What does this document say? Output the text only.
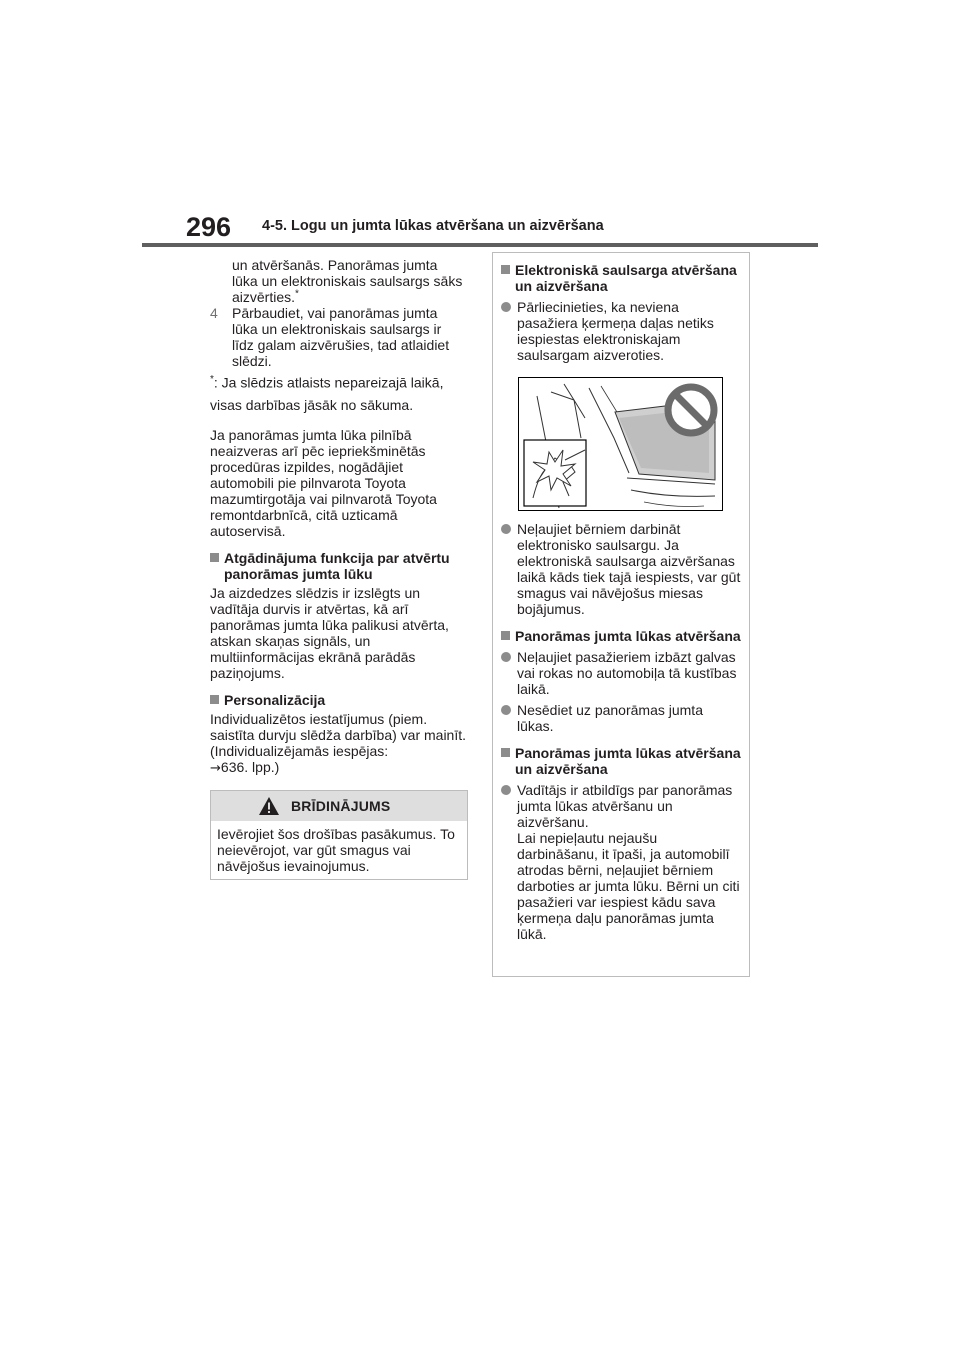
296 4-5. Logu un jumta lūkas atvēršana un aizvēršana

un atvēršanās. Panorāmas jumta lūka un elektroniskais saulsargs sāks aizvērties.*

4 Pārbaudiet, vai panorāmas jumta lūka un elektroniskais saulsargs ir līdz galam aizvērušies, tad atlaidiet slēdzi.

*: Ja slēdzis atlaists nepareizajā laikā, visas darbības jāsāk no sākuma.

Ja panorāmas jumta lūka pilnībā neaizveras arī pēc iepriekšminētās procedūras izpildes, nogādājiet automobili pie pilnvarota Toyota mazumtirgotāja vai pilnvarotā Toyota remontdarbnīcā, citā uzticamā autoservisā.

Atgādinājuma funkcija par atvērtu panorāmas jumta lūku

Ja aizdedzes slēdzis ir izslēgts un vadītāja durvis ir atvērtas, kā arī panorāmas jumta lūka palikusi atvērta, atskan skaņas signāls, un multiinformācijas ekrānā parādās paziņojums.

Personalizācija

Individualizētos iestatījumus (piem. saistīta durvju slēdža darbība) var mainīt. (Individualizējamās iespējas:
→636. lpp.)

BRĪDINĀJUMS
Ievērojiet šos drošības pasākumus. To neievērojot, var gūt smagus vai nāvējošus ievainojumus.

Elektroniskā saulsarga atvēršana un aizvēršana

Pārliecinieties, ka neviena pasažiera ķermeņa daļas netiks iespiestas elektroniskajam saulsargam aizveroties.

Neļaujiet bērniem darbināt elektronisko saulsargu. Ja elektroniskā saulsarga aizvēršanas laikā kāds tiek tajā iespiests, var gūt smagus vai nāvējošus miesas bojājumus.

Panorāmas jumta lūkas atvēršana

Neļaujiet pasažieriem izbāzt galvas vai rokas no automobiļa tā kustības laikā.

Nesēdiet uz panorāmas jumta lūkas.

Panorāmas jumta lūkas atvēršana un aizvēršana

Vadītājs ir atbildīgs par panorāmas jumta lūkas atvēršanu un aizvēršanu.
Lai nepieļautu nejaušu darbināšanu, it īpaši, ja automobilī atrodas bērni, neļaujiet bērniem darboties ar jumta lūku. Bērni un citi pasažieri var iespiest kādu sava ķermeņa daļu panorāmas jumta lūkā.
